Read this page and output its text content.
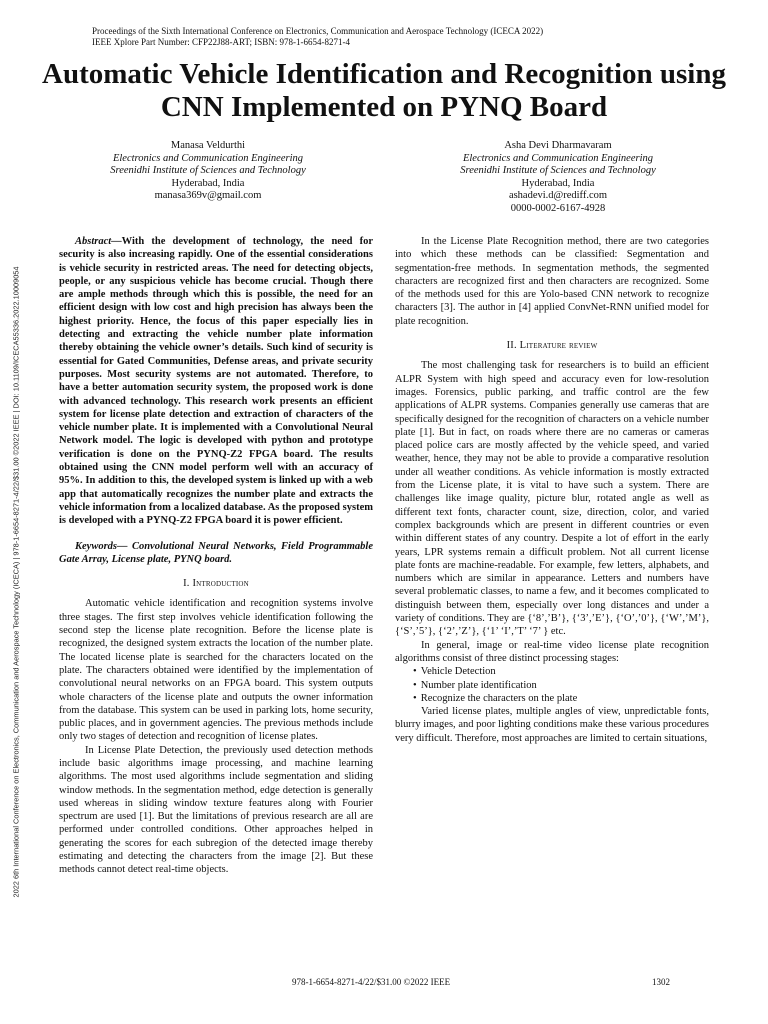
Proceedings of the Sixth International Conference on Electronics, Communication and Aerospace Technology (ICECA 2022)
IEEE Xplore Part Number: CFP22J88-ART; ISBN: 978-1-6654-8271-4
Automatic Vehicle Identification and Recognition using CNN Implemented on PYNQ Board
Manasa Veldurthi
Electronics and Communication Engineering
Sreenidhi Institute of Sciences and Technology
Hyderabad, India
manasa369v@gmail.com
Asha Devi Dharmavaram
Electronics and Communication Engineering
Sreenidhi Institute of Sciences and Technology
Hyderabad, India
ashadevi.d@rediff.com
0000-0002-6167-4928
2022 6th International Conference on Electronics, Communication and Aerospace Technology (ICECA) | 978-1-6654-8271-4/22/$31.00 ©2022 IEEE | DOI: 10.1109/ICECA55336.2022.10009054

Abstract—With the development of technology, the need for security is also increasing rapidly. One of the essential considerations is vehicle security in restricted areas. The need for detecting objects, people, or any suspicious vehicle has become crucial. Though there are ample methods through which this is possible, the need for an efficient design with low cost and high precision has always been the highest priority. Hence, the focus of this paper especially lies in detecting and extracting the vehicle number plate information thereby obtaining the vehicle owner’s details. Such kind of security is essential for Gated Communities, Defense areas, and private security purposes. Most security systems are not automated. Therefore, to have a better automation security system, the proposed work is done with advanced technology. This research work presents an efficient system for license plate detection and extraction of characters of the vehicle number plate. It is implemented with a Convolutional Neural Network model. The logic is developed with python and prototype verification is done on the PYNQ-Z2 FPGA board. The results obtained using the CNN model perform well with an accuracy of 95%. In addition to this, the developed system is linked up with a web app that automatically recognizes the number plate and extracts the vehicle information from a localized database. As the proposed system is developed with a PYNQ-Z2 FPGA board it is power efficient.

Keywords— Convolutional Neural Networks, Field Programmable Gate Array, License plate, PYNQ board.

I. Introduction

Automatic vehicle identification and recognition systems involve three stages. The first step involves vehicle identification following the second step the license plate recognition. Before the license plate is recognized, the designed system extracts the location of the number plate. The located license plate is searched for the characters located on the plate. The characters obtained were identified by the implementation of convolutional neural networks on an FPGA board. This system outputs whole characters of the license plate and outputs the owner information from the database. This system can be used in parking lots, home security, public places, and in government agencies. The previous methods include only two stages of detection and recognition of license plates.

In License Plate Detection, the previously used detection methods include basic algorithms image processing, and machine learning algorithms. The most used algorithms include segmentation and sliding window methods. In the segmentation method, edge detection is generally used whereas in sliding window texture features along with Fourier spectrum are used [1]. But the limitations of previous research are all are performed under controlled conditions. Other approaches helped in generating the scores for each subregion of the detected image thereby estimating and detecting the characters from the image [2]. But these methods cannot detect real-time objects.

In the License Plate Recognition method, there are two categories into which these methods can be classified: Segmentation and segmentation-free methods. In segmentation methods, the segmented characters are recognized first and then characters are recognized. Some of the methods used for this are Yolo-based CNN network to recognize characters [3]. The author in [4] applied ConvNet-RNN unified model for plate recognition.

II. Literature review

The most challenging task for researchers is to build an efficient ALPR System with high speed and accuracy even for low-resolution images. Forensics, public parking, and traffic control are the few applications of ALPR systems. Companies generally use cameras that are specifically designed for the recognition of characters on a vehicle number plate [1]. But in fact, on roads where there are no cameras or cameras placed police cars are mostly affected by the vehicle speed, and varied weather, hence, they may not be able to provide a comparative resolution under all weather conditions. As vehicle information is mostly extracted from the License plate, it is vital to have such a system. There are challenges like image quality, picture blur, rotated angle as well as different text fonts, character count, size, direction, color, and varied complex backgrounds which are present in different countries or even within different states of any country. Despite a lot of effort in the early years, LPR systems remain a difficult problem. Not all current license plate fonts are machine-readable. For example, few letters, alphabets, and numbers which are similar in appearance. Letters and numbers have several problematic classes, to name a few, and it becomes complicated to distinguish between them, especially over long distances and under a variety of conditions. They are {‘8’,’B’}, {‘3’,’E’}, {‘O’,’0’}, {‘W’,’M’}, {‘S’,’5’}, {‘2’,’Z’}, {‘1’ ‘I’,’T’ ‘7’ } etc.

In general, image or real-time video license plate recognition algorithms consist of three distinct processing stages:

• Vehicle Detection
• Number plate identification
• Recognize the characters on the plate

Varied license plates, multiple angles of view, unpredictable fonts, blurry images, and poor lighting conditions make these various procedures very difficult. Therefore, most approaches are limited to certain situations,

978-1-6654-8271-4/22/$31.00 ©2022 IEEE	1302
